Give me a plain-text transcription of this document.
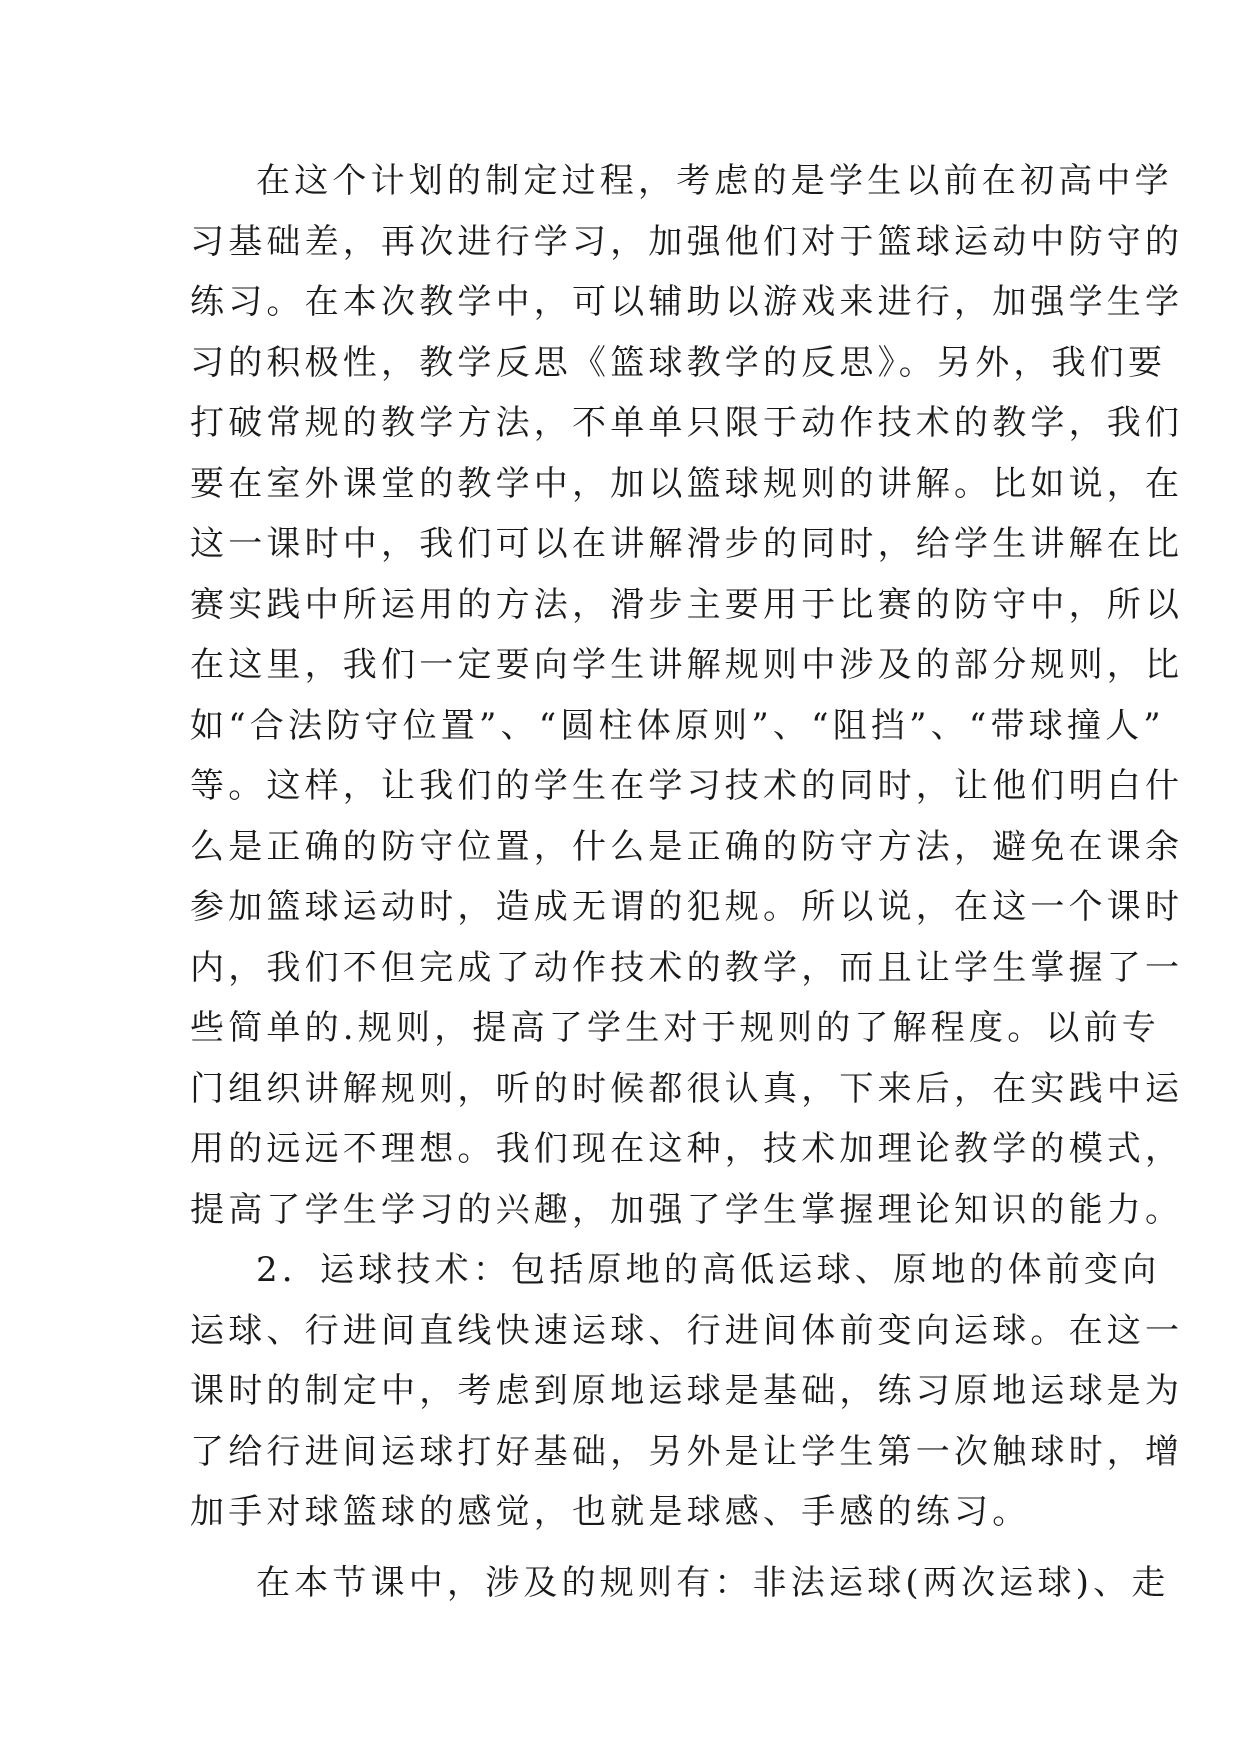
在这个计划的制定过程，考虑的是学生以前在初高中学
习基础差，再次进行学习，加强他们对于篮球运动中防守的
练习。在本次教学中，可以辅助以游戏来进行，加强学生学
习的积极性，教学反思《篮球教学的反思》。另外，我们要
打破常规的教学方法，不单单只限于动作技术的教学，我们
要在室外课堂的教学中，加以篮球规则的讲解。比如说，在
这一课时中，我们可以在讲解滑步的同时，给学生讲解在比
赛实践中所运用的方法，滑步主要用于比赛的防守中，所以
在这里，我们一定要向学生讲解规则中涉及的部分规则，比
如“合法防守位置”、“圆柱体原则”、“阻挡”、“带球撞人”
等。这样，让我们的学生在学习技术的同时，让他们明白什
么是正确的防守位置，什么是正确的防守方法，避免在课余
参加篮球运动时，造成无谓的犯规。所以说，在这一个课时
内，我们不但完成了动作技术的教学，而且让学生掌握了一
些简单的.规则，提高了学生对于规则的了解程度。以前专
门组织讲解规则，听的时候都很认真，下来后，在实践中运
用的远远不理想。我们现在这种，技术加理论教学的模式，
提高了学生学习的兴趣，加强了学生掌握理论知识的能力。
2．运球技术：包括原地的高低运球、原地的体前变向
运球、行进间直线快速运球、行进间体前变向运球。在这一
课时的制定中，考虑到原地运球是基础，练习原地运球是为
了给行进间运球打好基础，另外是让学生第一次触球时，增
加手对球篮球的感觉，也就是球感、手感的练习。
在本节课中，涉及的规则有：非法运球(两次运球)、走
